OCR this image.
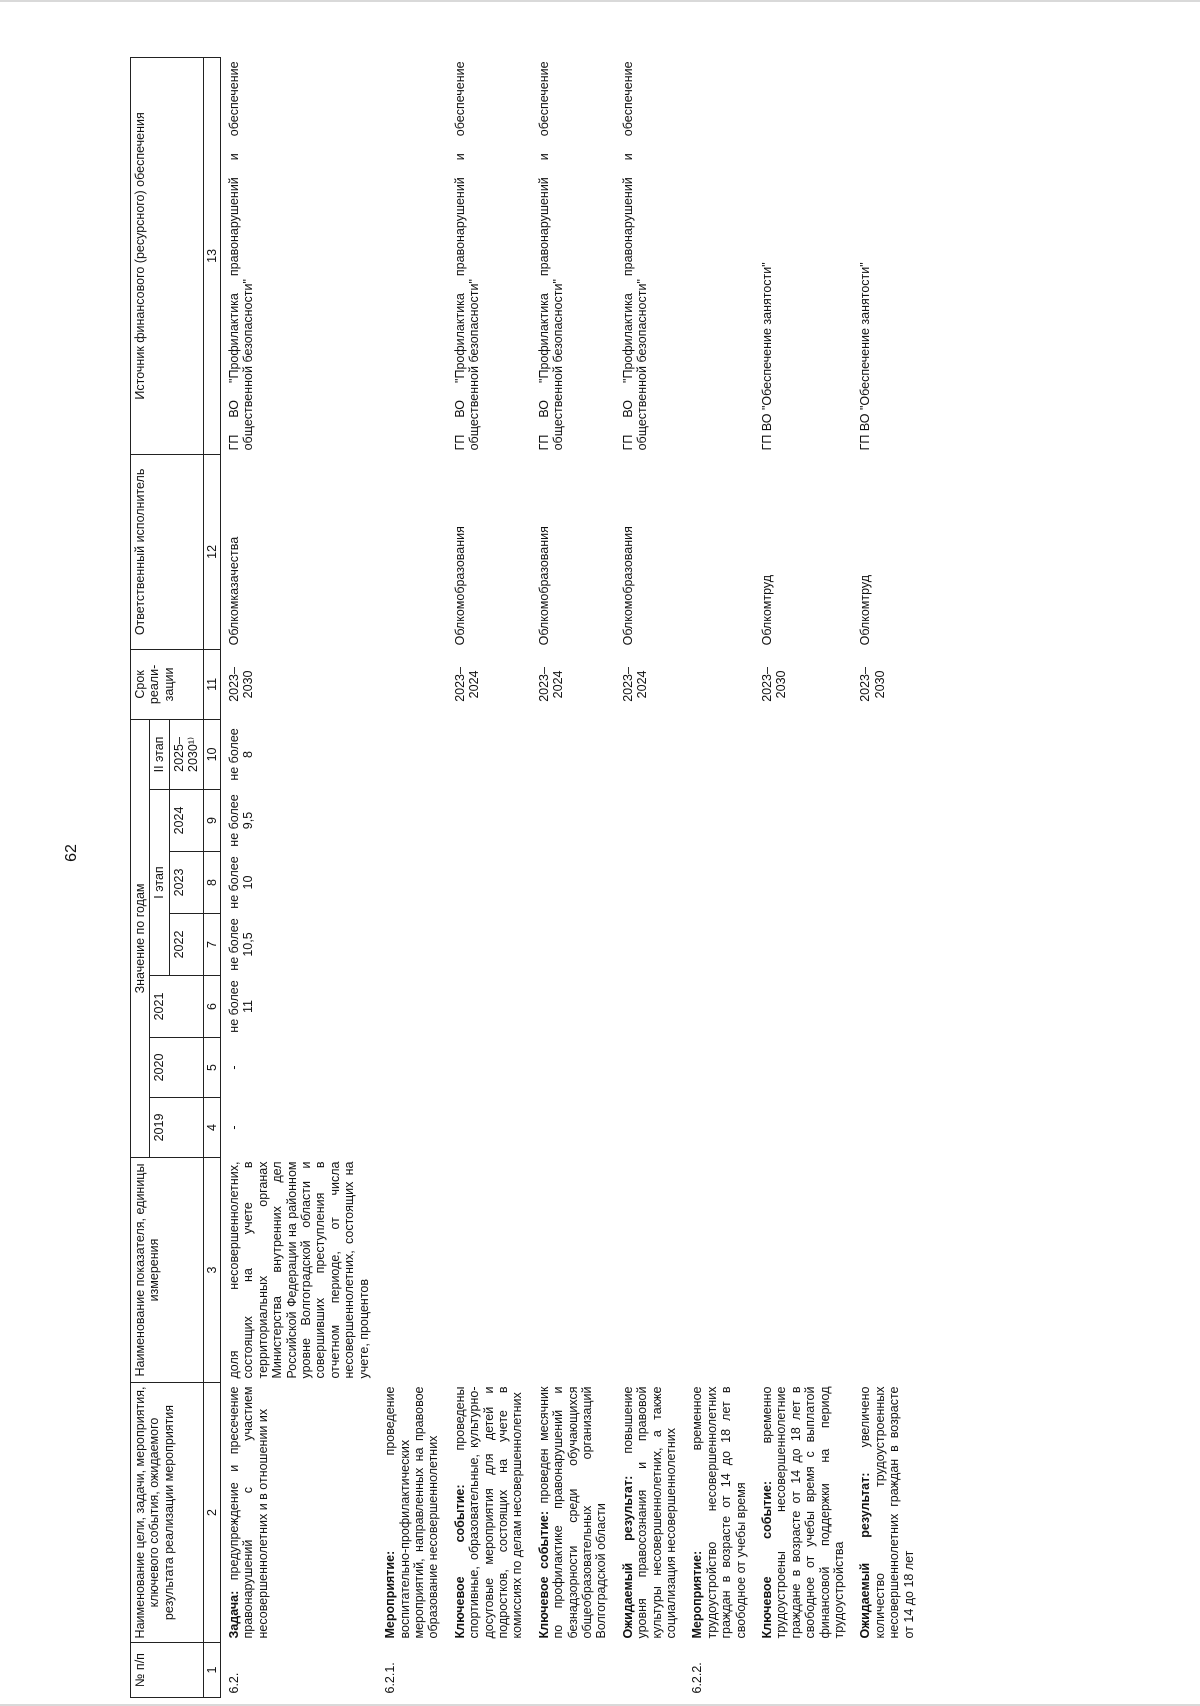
62
№ п/п	Наименование цели, задачи, мероприятия, ключевого события, ожидаемого результата реализации мероприятия	Наименование показателя, единицы измерения	Значение по годам							Срок реали-зации	Ответственный исполнитель	Источник финансового (ресурсного) обеспечения
			2019	2020	2021	I этап			II этап			
						2022	2023	2024	2025–2030¹⁾			
1	2	3	4	5	6	7	8	9	10	11	12	13
6.2.	Задача: предупреждение и пресечение правонарушений с участием несовершеннолетних и в отношении их	доля несовершеннолетних, состоящих на учете в территориальных органах Министерства внутренних дел Российской Федерации на районном уровне Волгоградской области и совершивших преступления в отчетном периоде, от числа несовершеннолетних, состоящих на учете, процентов	-	-	не более 11	не более 10,5	не более 10	не более 9,5	не более 8	2023–2030	Облкомказачества	ГП ВО "Профилактика правонарушений и обеспечение общественной безопасности"
6.2.1.	Мероприятие: проведение воспитательно-профилактических мероприятий, направленных на правовое образование несовершеннолетних											
	Ключевое событие: проведены спортивные, образовательные, культурно-досуговые мероприятия для детей и подростков, состоящих на учете в комиссиях по делам несовершеннолетних									2023–2024	Облкомобразования	ГП ВО "Профилактика правонарушений и обеспечение общественной безопасности"
	Ключевое событие: проведен месячник по профилактике правонарушений и безнадзорности среди обучающихся общеобразовательных организаций Волгоградской области									2023–2024	Облкомобразования	ГП ВО "Профилактика правонарушений и обеспечение общественной безопасности"
	Ожидаемый результат: повышение уровня правосознания и правовой культуры несовершеннолетних, а также социализация несовершеннолетних									2023–2024	Облкомобразования	ГП ВО "Профилактика правонарушений и обеспечение общественной безопасности"
6.2.2.	Мероприятие: временное трудоустройство несовершеннолетних граждан в возрасте от 14 до 18 лет в свободное от учебы время											
	Ключевое событие: временно трудоустроены несовершеннолетние граждане в возрасте от 14 до 18 лет в свободное от учебы время с выплатой финансовой поддержки на период трудоустройства									2023–2030	Облкомтруд	ГП ВО "Обеспечение занятости"
	Ожидаемый результат: увеличено количество трудоустроенных несовершеннолетних граждан в возрасте от 14 до 18 лет									2023–2030	Облкомтруд	ГП ВО "Обеспечение занятости"
